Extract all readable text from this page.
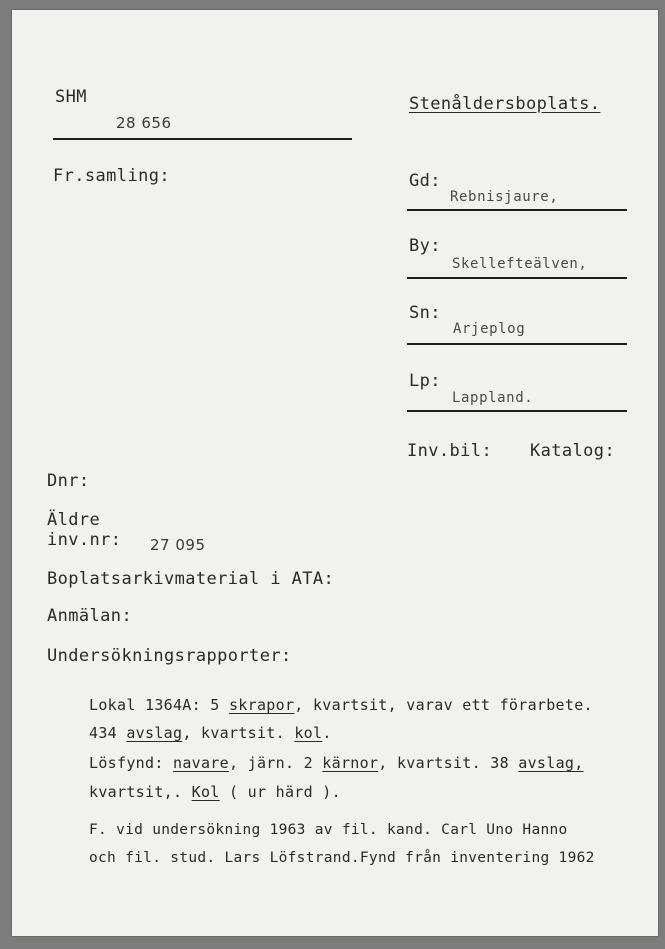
SHM
28 656
Stenåldersboplats.
Fr.samling:	Gd:
Rebnisjaure,
By:
Skellefteälven,
Sn:
Arjeplog
Lp:
Lappland.
Inv.bil: Katalog:
Dnr:
Äldre
inv.nr: 27 095
Boplatsarkivmaterial i ATA:
Anmälan:
Undersökningsrapporter:
Lokal 1364A: 5 skrapor, kvartsit, varav ett förarbete.
434 avslag, kvartsit. kol.
Lösfynd: navare, järn. 2 kärnor, kvartsit. 38 avslag,
kvartsit,. Kol ( ur härd ).
F. vid undersökning 1963 av fil. kand. Carl Uno Hanno
och fil. stud. Lars Löfstrand.Fynd från inventering 1962
